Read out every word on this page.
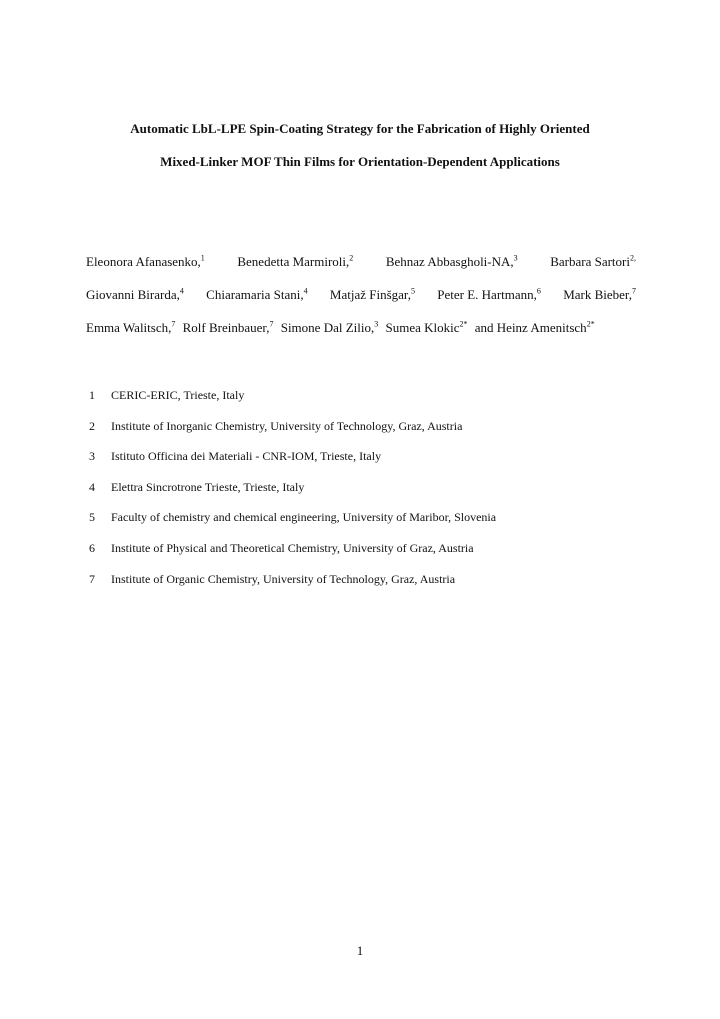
Automatic LbL-LPE Spin-Coating Strategy for the Fabrication of Highly Oriented
Mixed-Linker MOF Thin Films for Orientation-Dependent Applications
Eleonora Afanasenko,$^1$	Benedetta Marmiroli,$^2$	Behnaz Abbasgholi-NA,$^3$	Barbara Sartori$^{2,}$
Giovanni Birarda,$^4$ Chiaramaria Stani,$^4$ Matjaž Finšgar,$^5$ Peter E. Hartmann,$^6$ Mark Bieber,$^7$
Emma Walitsch,$^7$ Rolf Breinbauer,$^7$ Simone Dal Zilio,$^3$ Sumea Klokic$^{2*}$ and Heinz Amenitsch$^{2*}$
1 CERIC-ERIC, Trieste, Italy
2 Institute of Inorganic Chemistry, University of Technology, Graz, Austria
3 Istituto Officina dei Materiali - CNR-IOM, Trieste, Italy
4 Elettra Sincrotrone Trieste, Trieste, Italy
5 Faculty of chemistry and chemical engineering, University of Maribor, Slovenia
6 Institute of Physical and Theoretical Chemistry, University of Graz, Austria
7 Institute of Organic Chemistry, University of Technology, Graz, Austria
1
